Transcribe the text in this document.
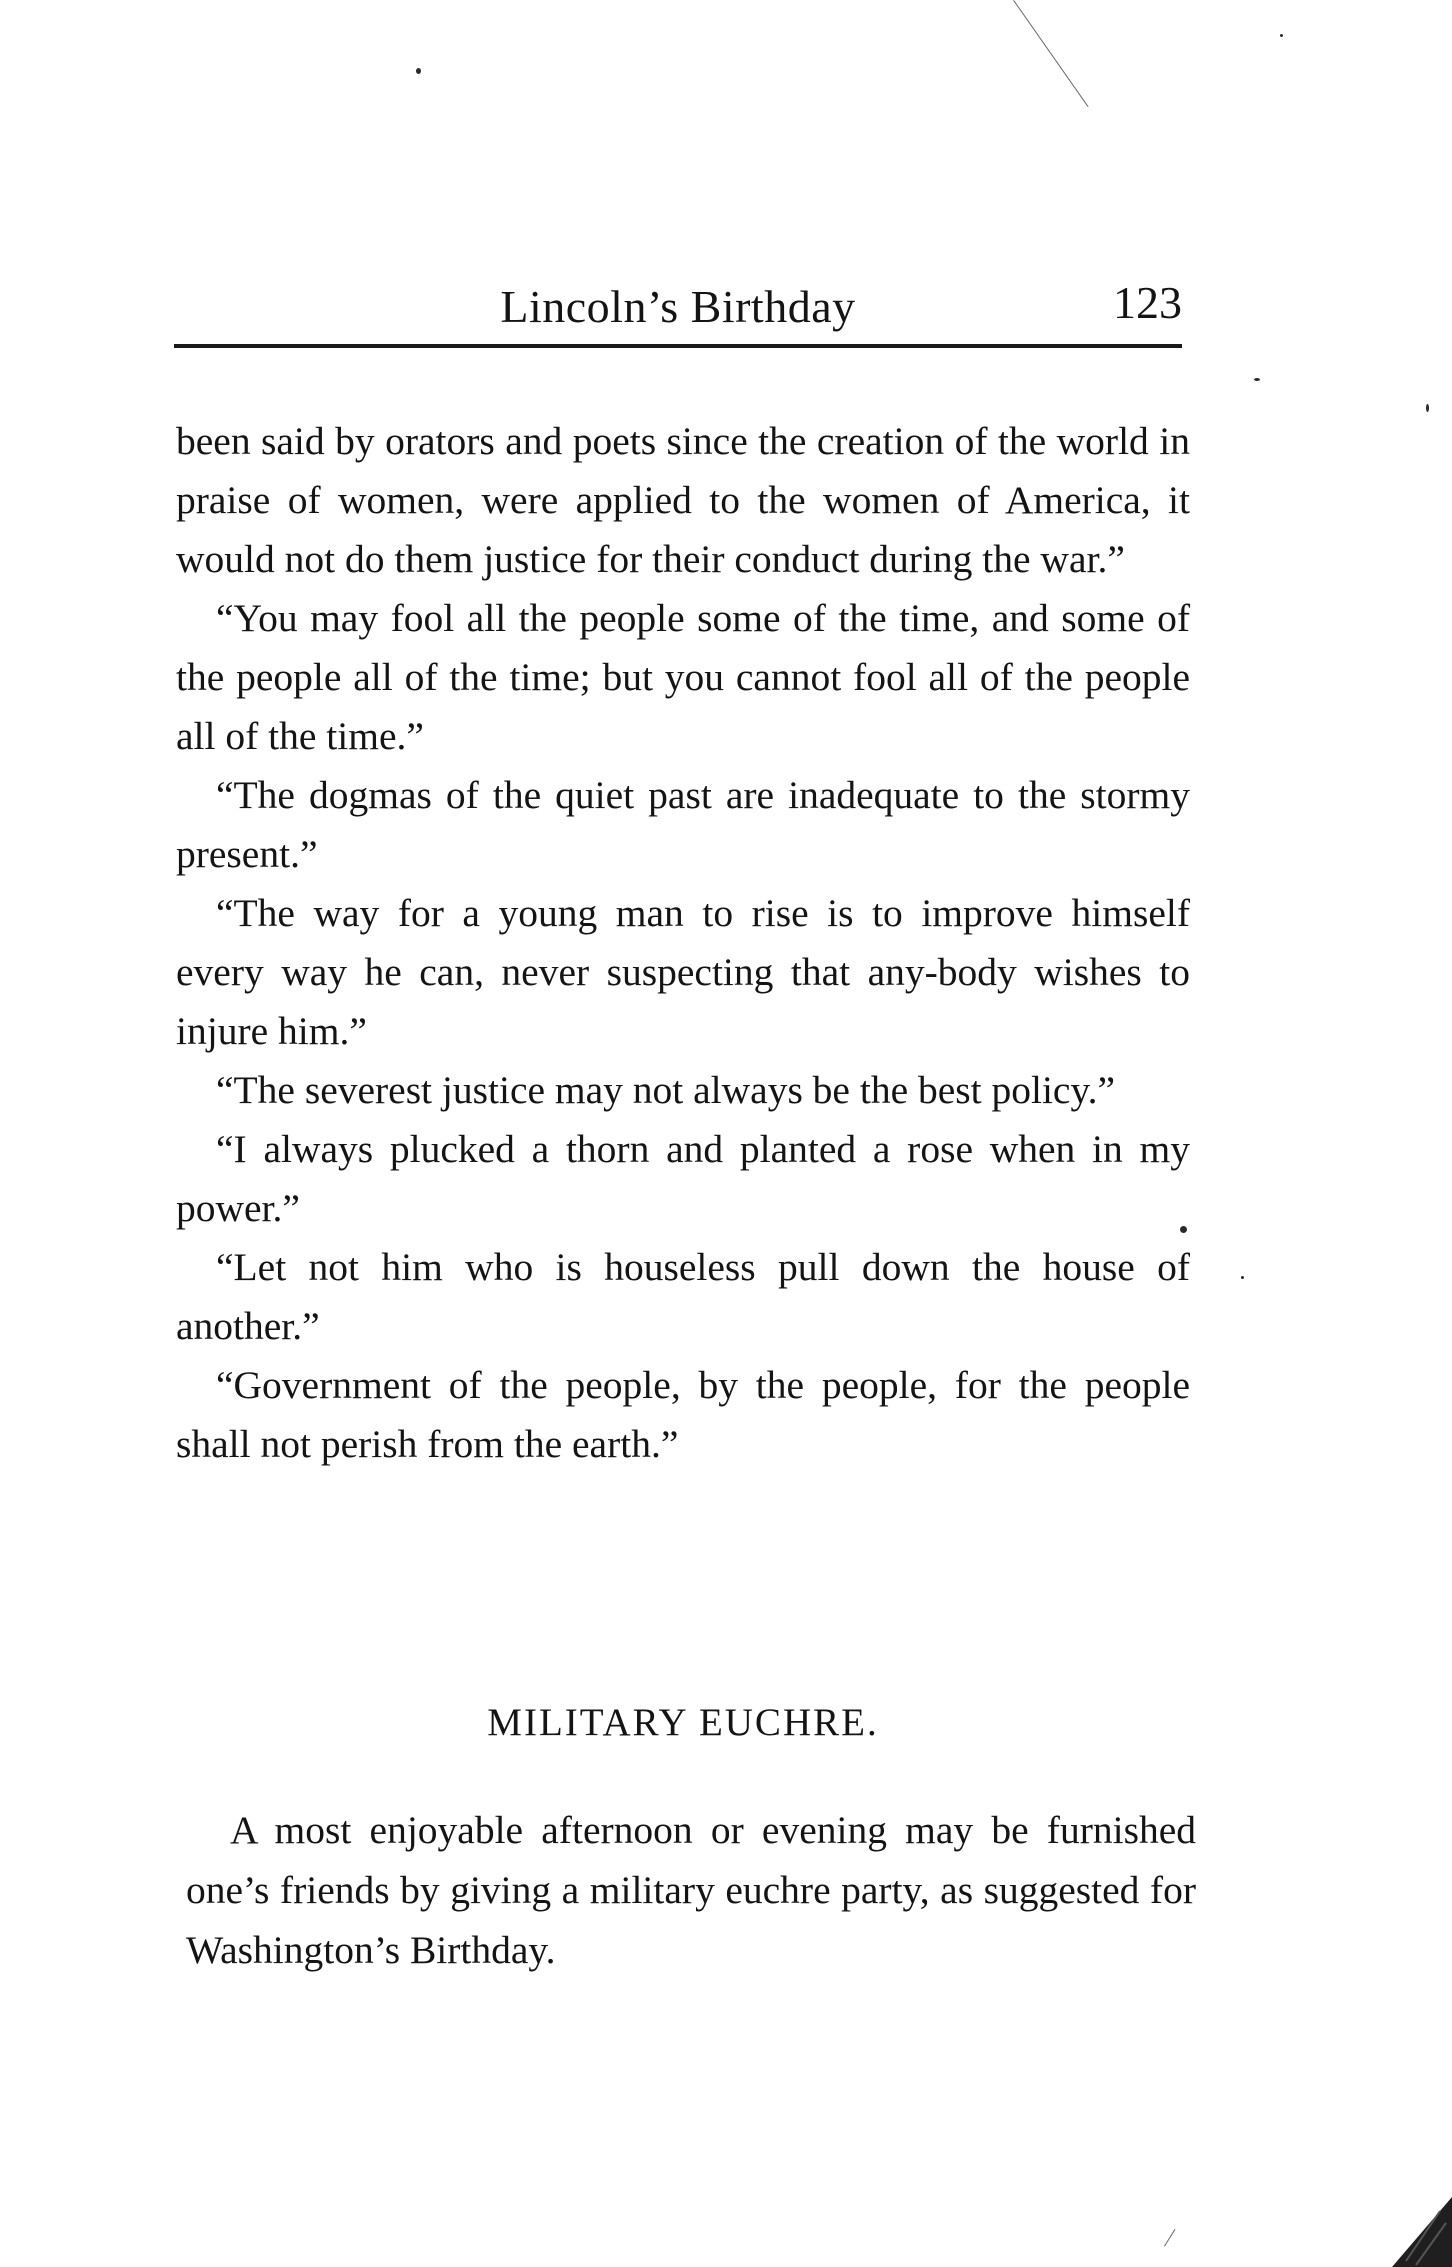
Lincoln’s Birthday	123

been said by orators and poets since the creation of the world in praise of women, were applied to the women of America, it would not do them justice for their conduct during the war.”

“You may fool all the people some of the time, and some of the people all of the time; but you cannot fool all of the people all of the time.”

“The dogmas of the quiet past are inadequate to the stormy present.”

“The way for a young man to rise is to improve himself every way he can, never suspecting that any-body wishes to injure him.”

“The severest justice may not always be the best policy.”

“I always plucked a thorn and planted a rose when in my power.”

“Let not him who is houseless pull down the house of another.”

“Government of the people, by the people, for the people shall not perish from the earth.”

MILITARY EUCHRE.

A most enjoyable afternoon or evening may be furnished one’s friends by giving a military euchre party, as suggested for Washington’s Birthday.
